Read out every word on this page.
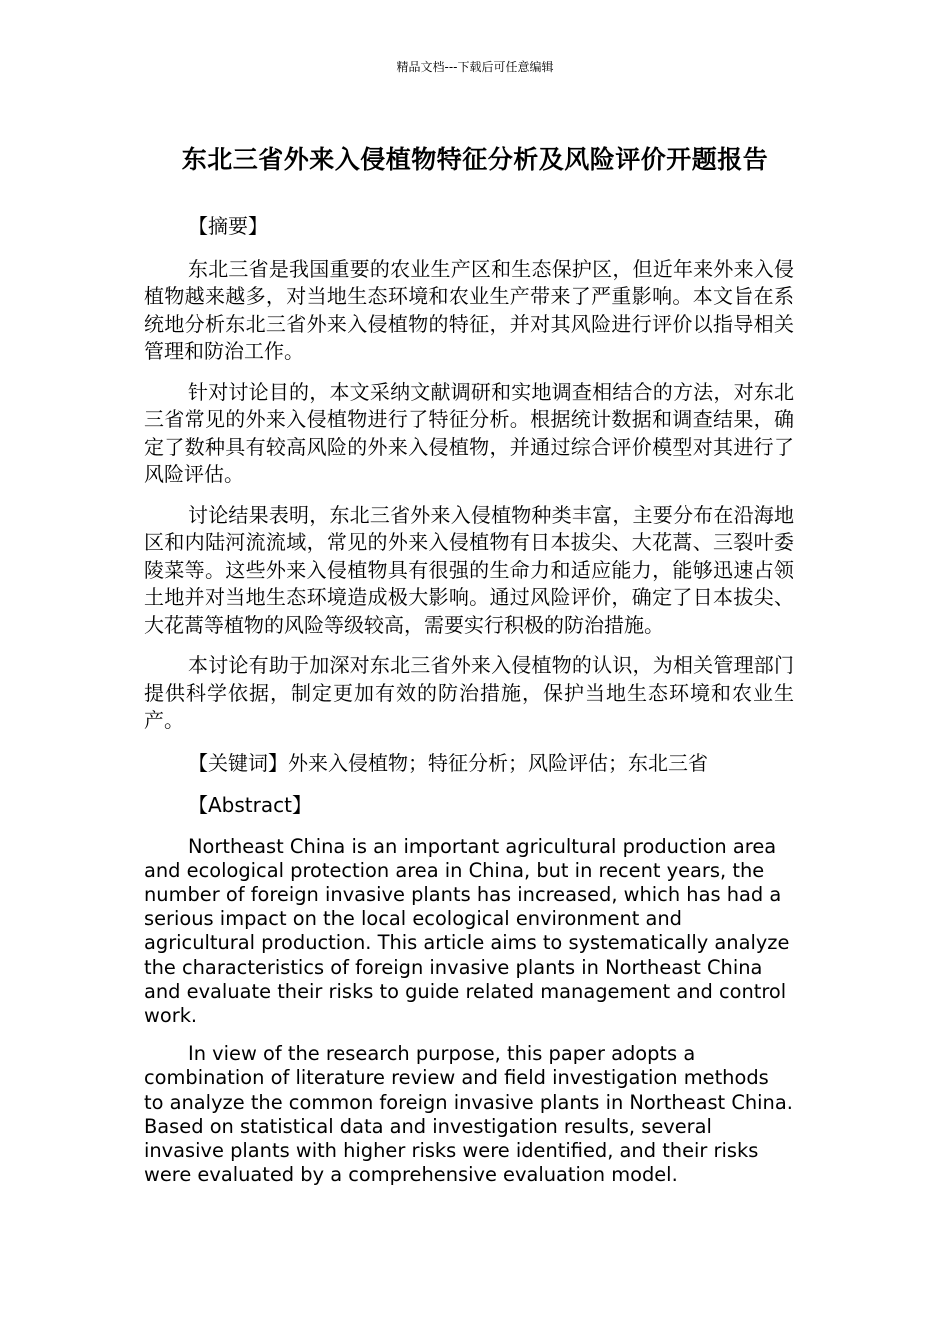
精品文档---下载后可任意编辑
东北三省外来入侵植物特征分析及风险评价开题报告

【摘要】

东北三省是我国重要的农业生产区和生态保护区，但近年来外来入侵植物越来越多，对当地生态环境和农业生产带来了严重影响。本文旨在系统地分析东北三省外来入侵植物的特征，并对其风险进行评价以指导相关管理和防治工作。

针对讨论目的，本文采纳文献调研和实地调查相结合的方法，对东北三省常见的外来入侵植物进行了特征分析。根据统计数据和调查结果，确定了数种具有较高风险的外来入侵植物，并通过综合评价模型对其进行了风险评估。

讨论结果表明，东北三省外来入侵植物种类丰富，主要分布在沿海地区和内陆河流流域，常见的外来入侵植物有日本拔尖、大花蒿、三裂叶委陵菜等。这些外来入侵植物具有很强的生命力和适应能力，能够迅速占领土地并对当地生态环境造成极大影响。通过风险评价，确定了日本拔尖、大花蒿等植物的风险等级较高，需要实行积极的防治措施。

本讨论有助于加深对东北三省外来入侵植物的认识，为相关管理部门提供科学依据，制定更加有效的防治措施，保护当地生态环境和农业生产。

【关键词】外来入侵植物；特征分析；风险评估；东北三省

【Abstract】

Northeast China is an important agricultural production area and ecological protection area in China, but in recent years, the number of foreign invasive plants has increased, which has had a serious impact on the local ecological environment and agricultural production. This article aims to systematically analyze the characteristics of foreign invasive plants in Northeast China and evaluate their risks to guide related management and control work.

In view of the research purpose, this paper adopts a combination of literature review and field investigation methods to analyze the common foreign invasive plants in Northeast China. Based on statistical data and investigation results, several invasive plants with higher risks were identified, and their risks were evaluated by a comprehensive evaluation model.
